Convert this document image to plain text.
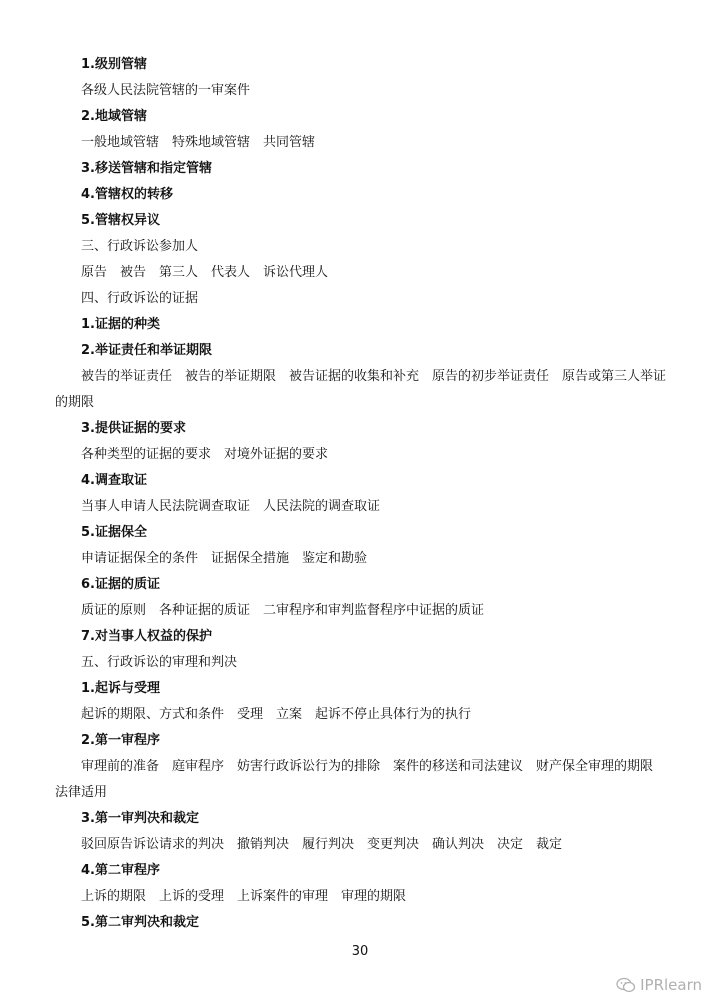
1.级别管辖
各级人民法院管辖的一审案件
2.地域管辖
一般地域管辖　特殊地域管辖　共同管辖
3.移送管辖和指定管辖
4.管辖权的转移
5.管辖权异议
三、行政诉讼参加人
原告　被告　第三人　代表人　诉讼代理人
四、行政诉讼的证据
1.证据的种类
2.举证责任和举证期限
被告的举证责任　被告的举证期限　被告证据的收集和补充　原告的初步举证责任　原告或第三人举证的期限
3.提供证据的要求
各种类型的证据的要求　对境外证据的要求
4.调查取证
当事人申请人民法院调查取证　人民法院的调查取证
5.证据保全
申请证据保全的条件　证据保全措施　鉴定和勘验
6.证据的质证
质证的原则　各种证据的质证　二审程序和审判监督程序中证据的质证
7.对当事人权益的保护
五、行政诉讼的审理和判决
1.起诉与受理
起诉的期限、方式和条件　受理　立案　起诉不停止具体行为的执行
2.第一审程序
审理前的准备　庭审程序　妨害行政诉讼行为的排除　案件的移送和司法建议　财产保全审理的期限　法律适用
3.第一审判决和裁定
驳回原告诉讼请求的判决　撤销判决　履行判决　变更判决　确认判决　决定　裁定
4.第二审程序
上诉的期限　上诉的受理　上诉案件的审理　审理的期限
5.第二审判决和裁定
30
IPRlearn
